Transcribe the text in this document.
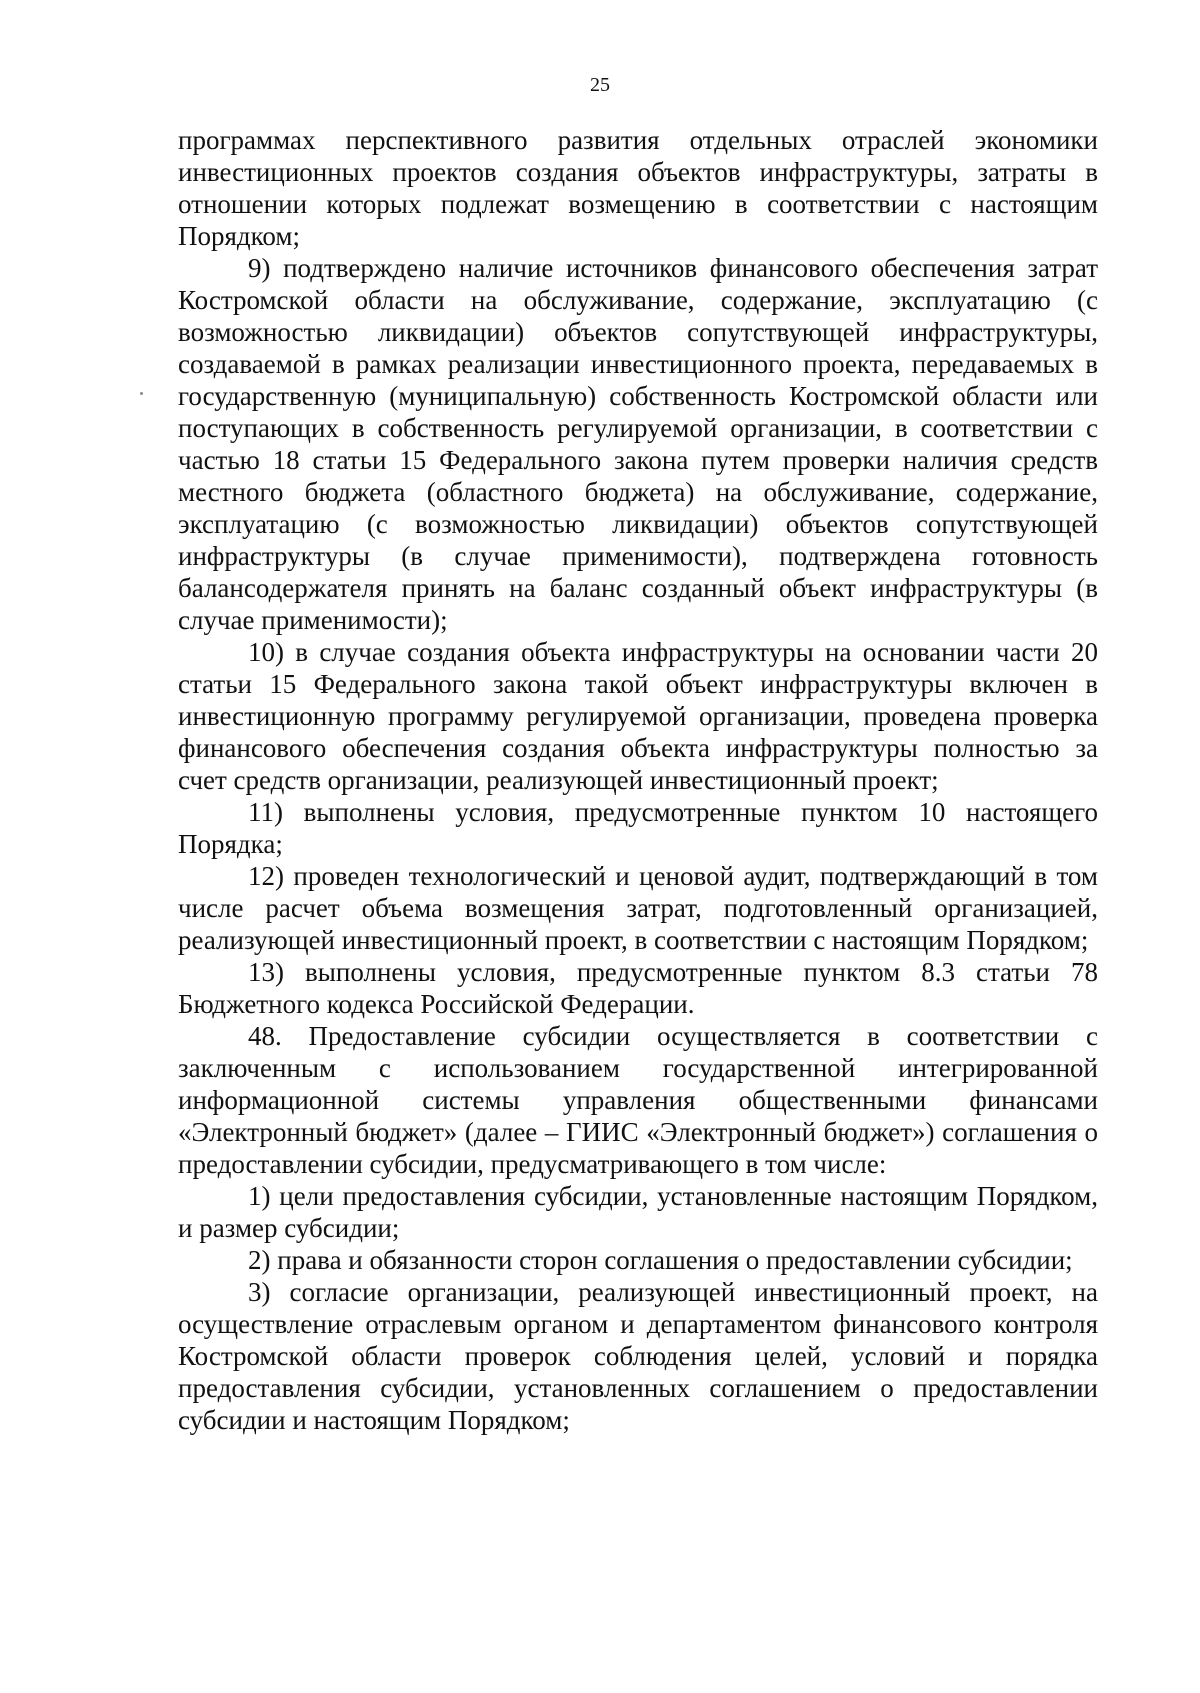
25

программах перспективного развития отдельных отраслей экономики инвестиционных проектов создания объектов инфраструктуры, затраты в отношении которых подлежат возмещению в соответствии с настоящим Порядком;

9) подтверждено наличие источников финансового обеспечения затрат Костромской области на обслуживание, содержание, эксплуатацию (с возможностью ликвидации) объектов сопутствующей инфраструктуры, создаваемой в рамках реализации инвестиционного проекта, передаваемых в государственную (муниципальную) собственность Костромской области или поступающих в собственность регулируемой организации, в соответствии с частью 18 статьи 15 Федерального закона путем проверки наличия средств местного бюджета (областного бюджета) на обслуживание, содержание, эксплуатацию (с возможностью ликвидации) объектов сопутствующей инфраструктуры (в случае применимости), подтверждена готовность балансодержателя принять на баланс созданный объект инфраструктуры (в случае применимости);

10) в случае создания объекта инфраструктуры на основании части 20 статьи 15 Федерального закона такой объект инфраструктуры включен в инвестиционную программу регулируемой организации, проведена проверка финансового обеспечения создания объекта инфраструктуры полностью за счет средств организации, реализующей инвестиционный проект;

11) выполнены условия, предусмотренные пунктом 10 настоящего Порядка;

12) проведен технологический и ценовой аудит, подтверждающий в том числе расчет объема возмещения затрат, подготовленный организацией, реализующей инвестиционный проект, в соответствии с настоящим Порядком;

13) выполнены условия, предусмотренные пунктом 8.3 статьи 78 Бюджетного кодекса Российской Федерации.

48. Предоставление субсидии осуществляется в соответствии с заключенным с использованием государственной интегрированной информационной системы управления общественными финансами «Электронный бюджет» (далее – ГИИС «Электронный бюджет») соглашения о предоставлении субсидии, предусматривающего в том числе:

1) цели предоставления субсидии, установленные настоящим Порядком, и размер субсидии;

2) права и обязанности сторон соглашения о предоставлении субсидии;

3) согласие организации, реализующей инвестиционный проект, на осуществление отраслевым органом и департаментом финансового контроля Костромской области проверок соблюдения целей, условий и порядка предоставления субсидии, установленных соглашением о предоставлении субсидии и настоящим Порядком;
